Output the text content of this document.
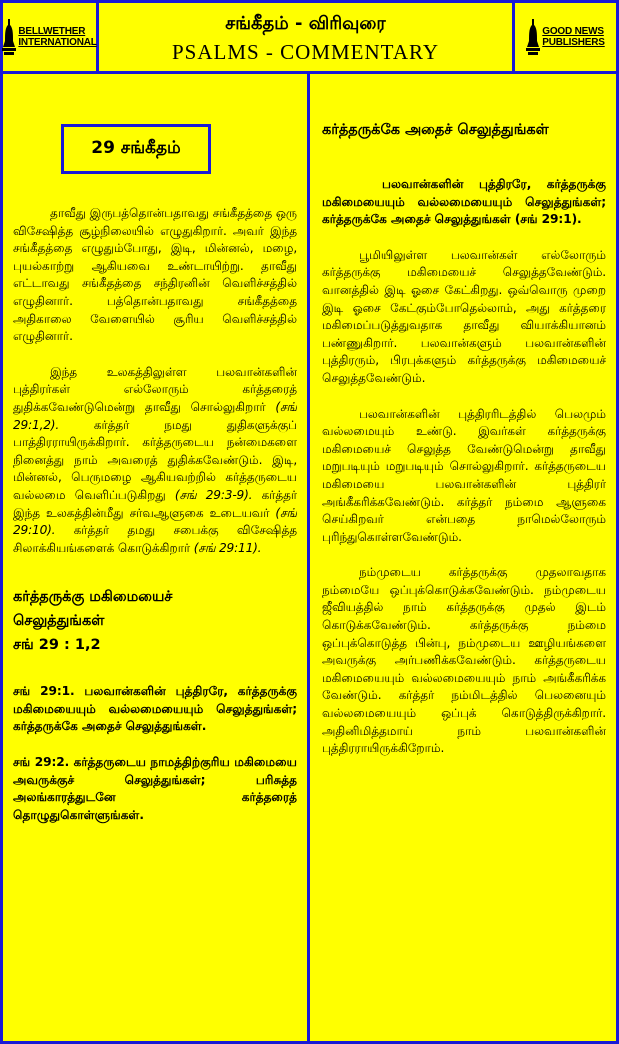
BELLWETHER
INTERNATIONAL
சங்கீதம் - விரிவுரை
PSALMS - COMMENTARY
GOOD NEWS
PUBLISHERS
29 சங்கீதம்

தாவீது இருபத்தொன்பதாவது சங்கீதத்தை ஒரு விசேஷித்த சூழ்நிலையில் எழுதுகிறார். அவர் இந்த சங்கீதத்தை எழுதும்போது, இடி, மின்னல், மழை, புயல்காற்று ஆகியவை உண்டாயிற்று. தாவீது எட்டாவது சங்கீதத்தை சந்திரனின் வெளிச்சத்தில் எழுதினார். பத்தொன்பதாவது சங்கீதத்தை அதிகாலை வேளையில் சூரிய வெளிச்சத்தில் எழுதினார்.

இந்த உலகத்திலுள்ள பலவான்களின் புத்திரர்கள் எல்லோரும் கர்த்தரைத் துதிக்கவேண்டுமென்று தாவீது சொல்லுகிறார் (சங் 29:1,2). கர்த்தர் நமது துதிகளுக்குப் பாத்திரராயிருக்கிறார். கர்த்தருடைய நன்மைகளை நினைத்து நாம் அவரைத் துதிக்கவேண்டும். இடி, மின்னல், பெருமழை ஆகியவற்றில் கர்த்தருடைய வல்லமை வெளிப்படுகிறது (சங் 29:3-9). கர்த்தர் இந்த உலகத்தின்மீது சர்வஆளுகை உடையவர் (சங் 29:10). கர்த்தர் தமது சபைக்கு விசேஷித்த சிலாக்கியங்களைக் கொடுக்கிறார் (சங் 29:11).

கர்த்தருக்கு மகிமையைச்
செலுத்துங்கள்
சங் 29 : 1,2

சங் 29:1. பலவான்களின் புத்திரரே, கர்த்தருக்கு மகிமையையும் வல்லமையையும் செலுத்துங்கள்; கர்த்தருக்கே அதைச் செலுத்துங்கள்.

சங் 29:2. கர்த்தருடைய நாமத்திற்குரிய மகிமையை அவருக்குச் செலுத்துங்கள்; பரிசுத்த அலங்காரத்துடனே கர்த்தரைத் தொழுதுகொள்ளுங்கள்.

கர்த்தருக்கே அதைச் செலுத்துங்கள்

பலவான்களின் புத்திரரே, கர்த்தருக்கு மகிமையையும் வல்லமையையும் செலுத்துங்கள்; கர்த்தருக்கே அதைச் செலுத்துங்கள் (சங் 29:1).

பூமியிலுள்ள பலவான்கள் எல்லோரும் கர்த்தருக்கு மகிமையைச் செலுத்தவேண்டும். வானத்தில் இடி ஓசை கேட்கிறது. ஒவ்வொரு முறை இடி ஓசை கேட்கும்போதெல்லாம், அது கர்த்தரை மகிமைப்படுத்துவதாக தாவீது வியாக்கியானம் பண்ணுகிறார். பலவான்களும் பலவான்களின் புத்திரரும், பிரபுக்களும் கர்த்தருக்கு மகிமையைச் செலுத்தவேண்டும்.

பலவான்களின் புத்திரரிடத்தில் பெலமும் வல்லமையும் உண்டு. இவர்கள் கர்த்தருக்கு மகிமையைச் செலுத்த வேண்டுமென்று தாவீது மறுபடியும் மறுபடியும் சொல்லுகிறார். கர்த்தருடைய மகிமையை பலவான்களின் புத்திரர் அங்கீகரிக்கவேண்டும். கர்த்தர் நம்மை ஆளுகை செய்கிறவர் என்பதை நாமெல்லோரும் புரிந்துகொள்ளவேண்டும்.

நம்முடைய கர்த்தருக்கு முதலாவதாக நம்மையே ஒப்புக்கொடுக்கவேண்டும். நம்முடைய ஜீவியத்தில் நாம் கர்த்தருக்கு முதல் இடம் கொடுக்கவேண்டும். கர்த்தருக்கு நம்மை ஒப்புக்கொடுத்த பின்பு, நம்முடைய ஊழியங்களை அவருக்கு அர்பணிக்கவேண்டும். கர்த்தருடைய மகிமையையும் வல்லமையையும் நாம் அங்கீகரிக்க வேண்டும். கர்த்தர் நம்மிடத்தில் பெலனையும் வல்லமையையும் ஒப்புக் கொடுத்திருக்கிறார். அதினிமித்தமாய் நாம் பலவான்களின் புத்திரராயிருக்கிறோம்.
